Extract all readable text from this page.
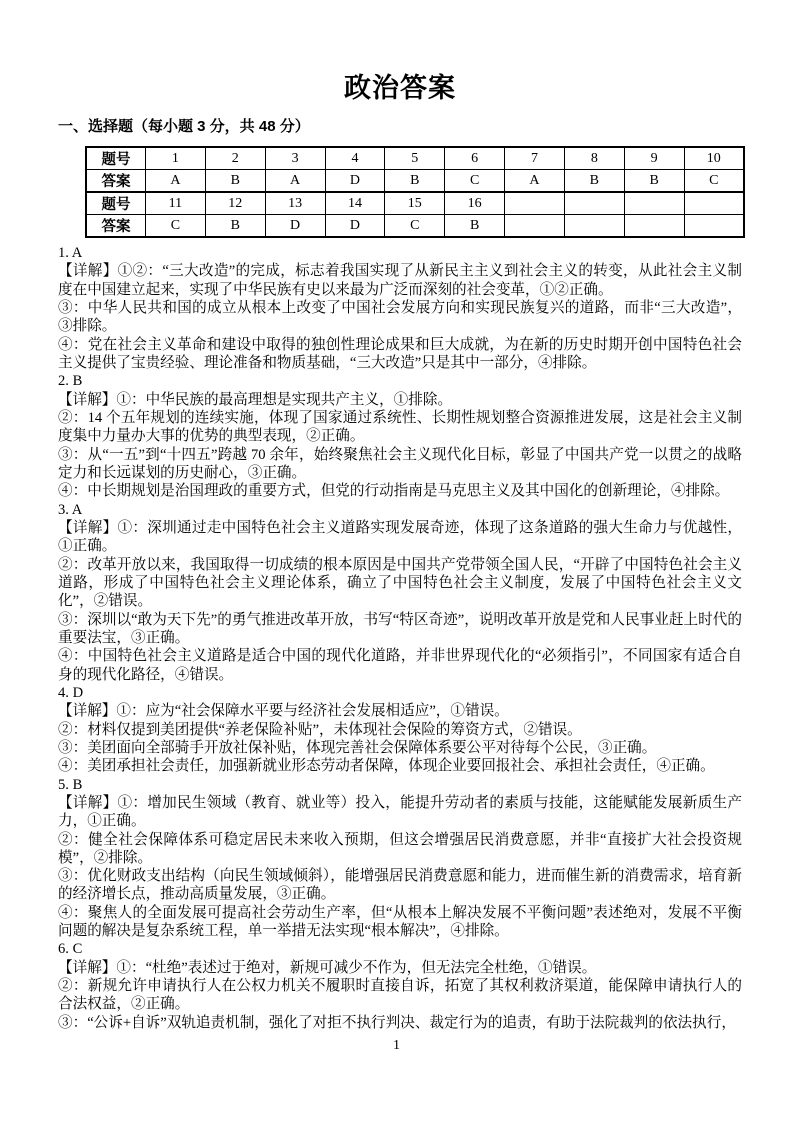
政治答案
一、选择题（每小题 3 分，共 48 分）
题号	1	2	3	4	5	6	7	8	9	10
答案	A	B	A	D	B	C	A	B	B	C
题号	11	12	13	14	15	16				
答案	C	B	D	D	C	B				

1. A

【详解】①②：“三大改造”的完成，标志着我国实现了从新民主主义到社会主义的转变，从此社会主义制度在中国建立起来，实现了中华民族有史以来最为广泛而深刻的社会变革，①②正确。

③：中华人民共和国的成立从根本上改变了中国社会发展方向和实现民族复兴的道路，而非“三大改造”，③排除。

④：党在社会主义革命和建设中取得的独创性理论成果和巨大成就，为在新的历史时期开创中国特色社会主义提供了宝贵经验、理论准备和物质基础，“三大改造”只是其中一部分，④排除。

2. B

【详解】①：中华民族的最高理想是实现共产主义，①排除。

②：14 个五年规划的连续实施，体现了国家通过系统性、长期性规划整合资源推进发展，这是社会主义制度集中力量办大事的优势的典型表现，②正确。

③：从“一五”到“十四五”跨越 70 余年，始终聚焦社会主义现代化目标，彰显了中国共产党一以贯之的战略定力和长远谋划的历史耐心，③正确。

④：中长期规划是治国理政的重要方式，但党的行动指南是马克思主义及其中国化的创新理论，④排除。

3. A

【详解】①：深圳通过走中国特色社会主义道路实现发展奇迹，体现了这条道路的强大生命力与优越性，①正确。

②：改革开放以来，我国取得一切成绩的根本原因是中国共产党带领全国人民，“开辟了中国特色社会主义道路，形成了中国特色社会主义理论体系，确立了中国特色社会主义制度，发展了中国特色社会主义文化”，②错误。

③：深圳以“敢为天下先”的勇气推进改革开放，书写“特区奇迹”，说明改革开放是党和人民事业赶上时代的重要法宝，③正确。

④：中国特色社会主义道路是适合中国的现代化道路，并非世界现代化的“必须指引”，不同国家有适合自身的现代化路径，④错误。

4. D

【详解】①：应为“社会保障水平要与经济社会发展相适应”，①错误。

②：材料仅提到美团提供“养老保险补贴”，未体现社会保险的筹资方式，②错误。

③：美团面向全部骑手开放社保补贴，体现完善社会保障体系要公平对待每个公民，③正确。

④：美团承担社会责任，加强新就业形态劳动者保障，体现企业要回报社会、承担社会责任，④正确。

5. B

【详解】①：增加民生领域（教育、就业等）投入，能提升劳动者的素质与技能，这能赋能发展新质生产力，①正确。

②：健全社会保障体系可稳定居民未来收入预期，但这会增强居民消费意愿，并非“直接扩大社会投资规模”，②排除。

③：优化财政支出结构（向民生领域倾斜），能增强居民消费意愿和能力，进而催生新的消费需求，培育新的经济增长点，推动高质量发展，③正确。

④：聚焦人的全面发展可提高社会劳动生产率，但“从根本上解决发展不平衡问题”表述绝对，发展不平衡问题的解决是复杂系统工程，单一举措无法实现“根本解决”，④排除。

6. C

【详解】①：“杜绝”表述过于绝对，新规可减少不作为，但无法完全杜绝，①错误。

②：新规允许申请执行人在公权力机关不履职时直接自诉，拓宽了其权利救济渠道，能保障申请执行人的合法权益，②正确。

③：“公诉+自诉”双轨追责机制，强化了对拒不执行判决、裁定行为的追责，有助于法院裁判的依法执行，

1
